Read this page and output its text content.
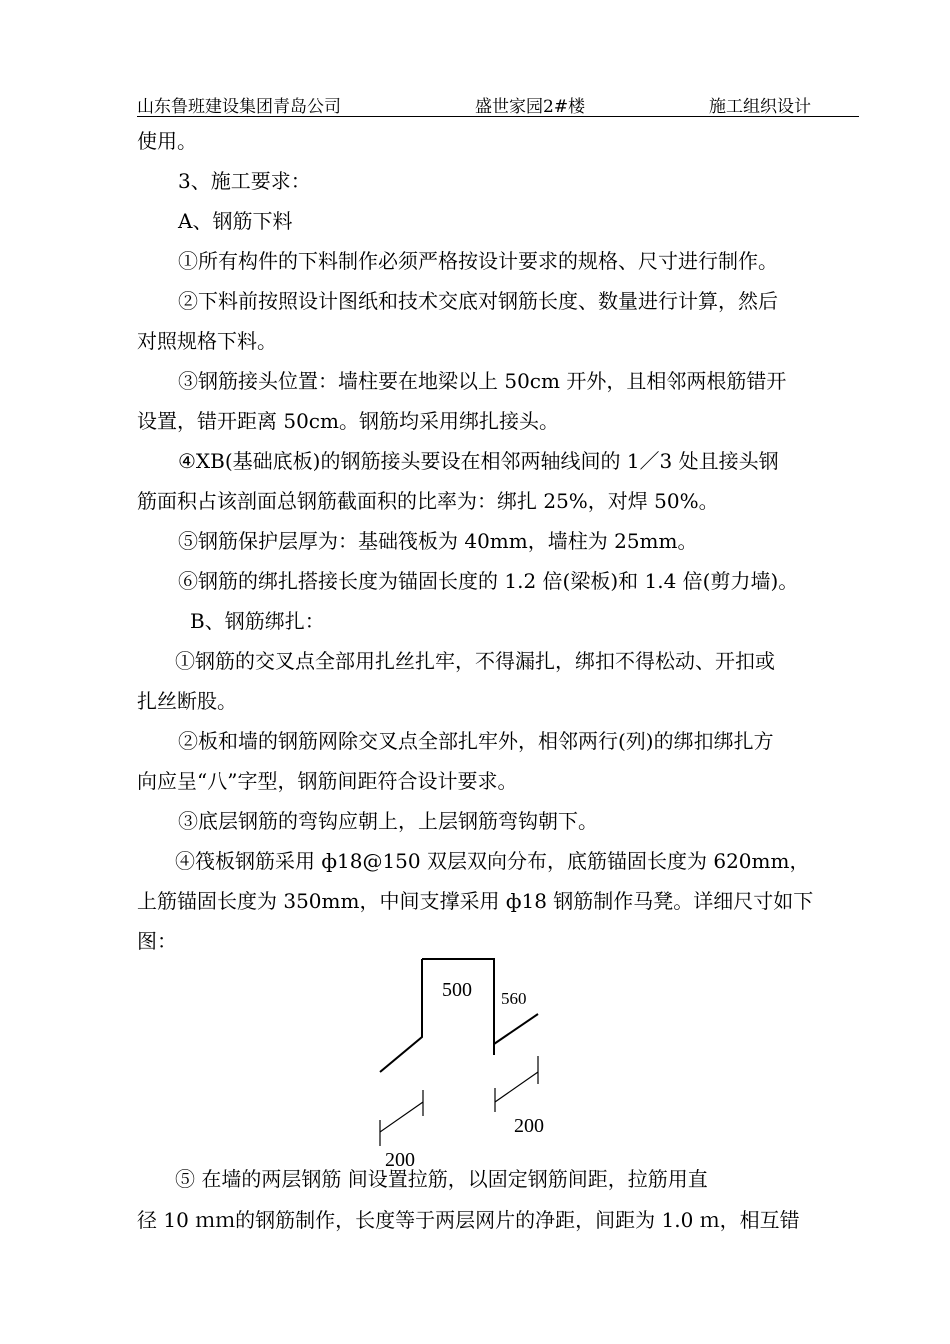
山东鲁班建设集团青岛公司	盛世家园2#楼	施工组织设计
使用。
3、施工要求：
A、钢筋下料
①所有构件的下料制作必须严格按设计要求的规格、尺寸进行制作。
②下料前按照设计图纸和技术交底对钢筋长度、数量进行计算，然后
对照规格下料。
③钢筋接头位置：墙柱要在地梁以上 50cm 开外，且相邻两根筋错开
设置，错开距离 50cm。钢筋均采用绑扎接头。
④XB(基础底板)的钢筋接头要设在相邻两轴线间的 1／3 处且接头钢
筋面积占该剖面总钢筋截面积的比率为：绑扎 25%，对焊 50%。
⑤钢筋保护层厚为：基础筏板为 40mm，墙柱为 25mm。
⑥钢筋的绑扎搭接长度为锚固长度的 1.2 倍(梁板)和 1.4 倍(剪力墙)。
B、钢筋绑扎：
①钢筋的交叉点全部用扎丝扎牢，不得漏扎，绑扣不得松动、开扣或
扎丝断股。
②板和墙的钢筋网除交叉点全部扎牢外，相邻两行(列)的绑扣绑扎方
向应呈“八”字型，钢筋间距符合设计要求。
③底层钢筋的弯钩应朝上，上层钢筋弯钩朝下。
④筏板钢筋采用 ф18@150 双层双向分布，底筋锚固长度为 620mm，
上筋锚固长度为 350mm，中间支撑采用 ф18 钢筋制作马凳。详细尺寸如下
图：
⑤ 在墙的两层钢筋 间设置拉筋，以固定钢筋间距，拉筋用直
径 10 ｍｍ的钢筋制作，长度等于两层网片的净距，间距为 1.0 ｍ，相互错
500 560
200
200
